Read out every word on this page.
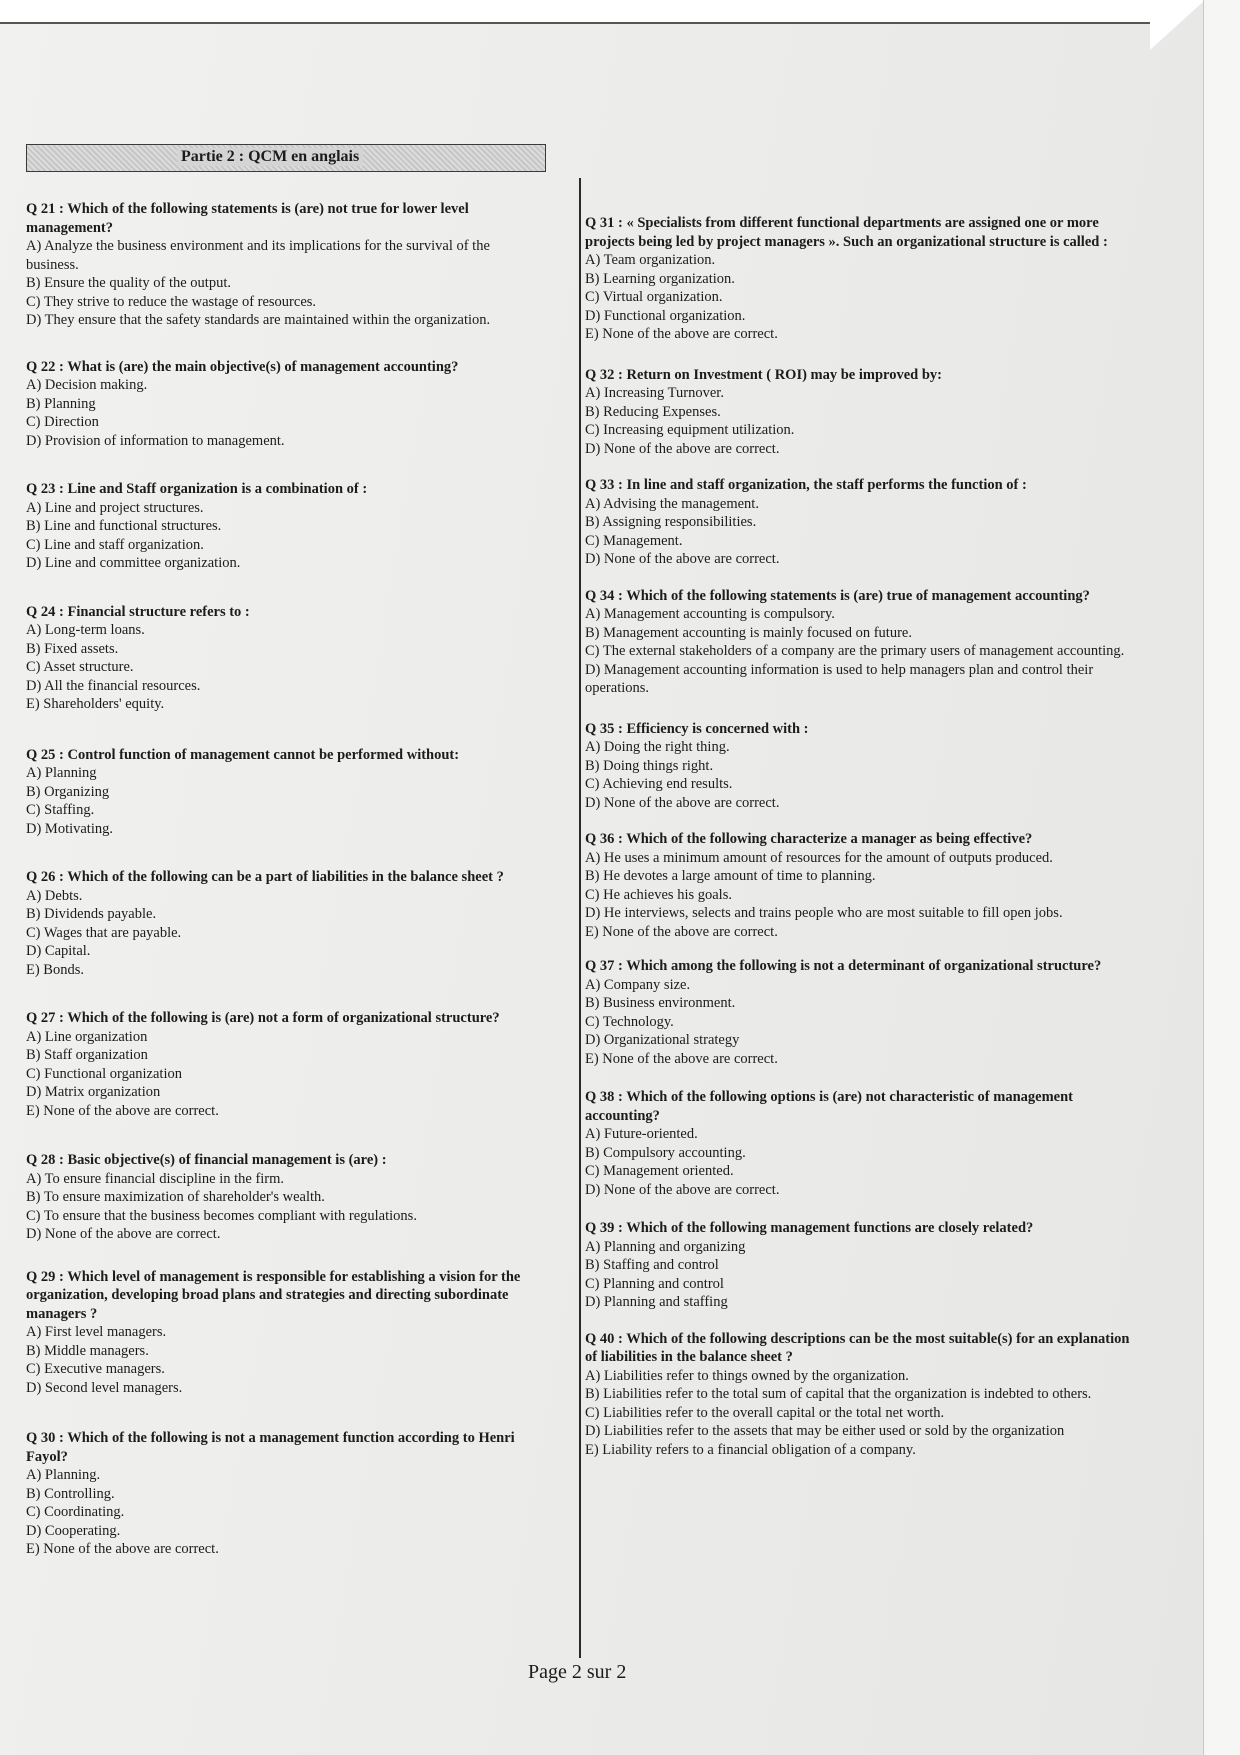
Partie 2 : QCM en anglais
Q 21 : Which of the following statements is (are) not true for lower level management?
A) Analyze the business environment and its implications for the survival of the business.
B) Ensure the quality of the output.
C) They strive to reduce the wastage of resources.
D) They ensure that the safety standards are maintained within the organization.
Q 22 : What is (are) the main objective(s) of management accounting?
A) Decision making.
B) Planning
C) Direction
D) Provision of information to management.
Q 23 : Line and Staff organization is a combination of :
A) Line and project structures.
B) Line and functional structures.
C) Line and staff organization.
D) Line and committee organization.
Q 24 : Financial structure refers to :
A) Long-term loans.
B) Fixed assets.
C) Asset structure.
D) All the financial resources.
E) Shareholders' equity.
Q 25 : Control function of management cannot be performed without:
A) Planning
B) Organizing
C) Staffing.
D) Motivating.
Q 26 : Which of the following can be a part of liabilities in the balance sheet ?
A) Debts.
B) Dividends payable.
C) Wages that are payable.
D) Capital.
E) Bonds.
Q 27 : Which of the following is (are) not a form of organizational structure?
A) Line organization
B) Staff organization
C) Functional organization
D) Matrix organization
E) None of the above are correct.
Q 28 : Basic objective(s) of financial management is (are) :
A) To ensure financial discipline in the firm.
B) To ensure maximization of shareholder's wealth.
C) To ensure that the business becomes compliant with regulations.
D) None of the above are correct.
Q 29 : Which level of management is responsible for establishing a vision for the organization, developing broad plans and strategies and directing subordinate managers ?
A) First level managers.
B) Middle managers.
C) Executive managers.
D) Second level managers.
Q 30 : Which of the following is not a management function according to Henri Fayol?
A) Planning.
B) Controlling.
C) Coordinating.
D) Cooperating.
E) None of the above are correct.
Q 31 : « Specialists from different functional departments are assigned one or more projects being led by project managers ». Such an organizational structure is called :
A) Team organization.
B) Learning organization.
C) Virtual organization.
D) Functional organization.
E) None of the above are correct.
Q 32 : Return on Investment ( ROI) may be improved by:
A) Increasing Turnover.
B) Reducing Expenses.
C) Increasing equipment utilization.
D) None of the above are correct.
Q 33 : In line and staff organization, the staff performs the function of :
A) Advising the management.
B) Assigning responsibilities.
C) Management.
D) None of the above are correct.
Q 34 : Which of the following statements is (are) true of management accounting?
A) Management accounting is compulsory.
B) Management accounting is mainly focused on future.
C) The external stakeholders of a company are the primary users of management accounting.
D) Management accounting information is used to help managers plan and control their operations.
Q 35 : Efficiency is concerned with :
A) Doing the right thing.
B) Doing things right.
C) Achieving end results.
D) None of the above are correct.
Q 36 : Which of the following characterize a manager as being effective?
A) He uses a minimum amount of resources for the amount of outputs produced.
B) He devotes a large amount of time to planning.
C) He achieves his goals.
D) He interviews, selects and trains people who are most suitable to fill open jobs.
E) None of the above are correct.
Q 37 : Which among the following is not a determinant of organizational structure?
A) Company size.
B) Business environment.
C) Technology.
D) Organizational strategy
E) None of the above are correct.
Q 38 : Which of the following options is (are) not characteristic of management accounting?
A) Future-oriented.
B) Compulsory accounting.
C) Management oriented.
D) None of the above are correct.
Q 39 : Which of the following management functions are closely related?
A) Planning and organizing
B) Staffing and control
C) Planning and control
D) Planning and staffing
Q 40 : Which of the following descriptions can be the most suitable(s) for an explanation of liabilities in the balance sheet ?
A) Liabilities refer to things owned by the organization.
B) Liabilities refer to the total sum of capital that the organization is indebted to others.
C) Liabilities refer to the overall capital or the total net worth.
D) Liabilities refer to the assets that may be either used or sold by the organization
E) Liability refers to a financial obligation of a company.
Page 2 sur 2
